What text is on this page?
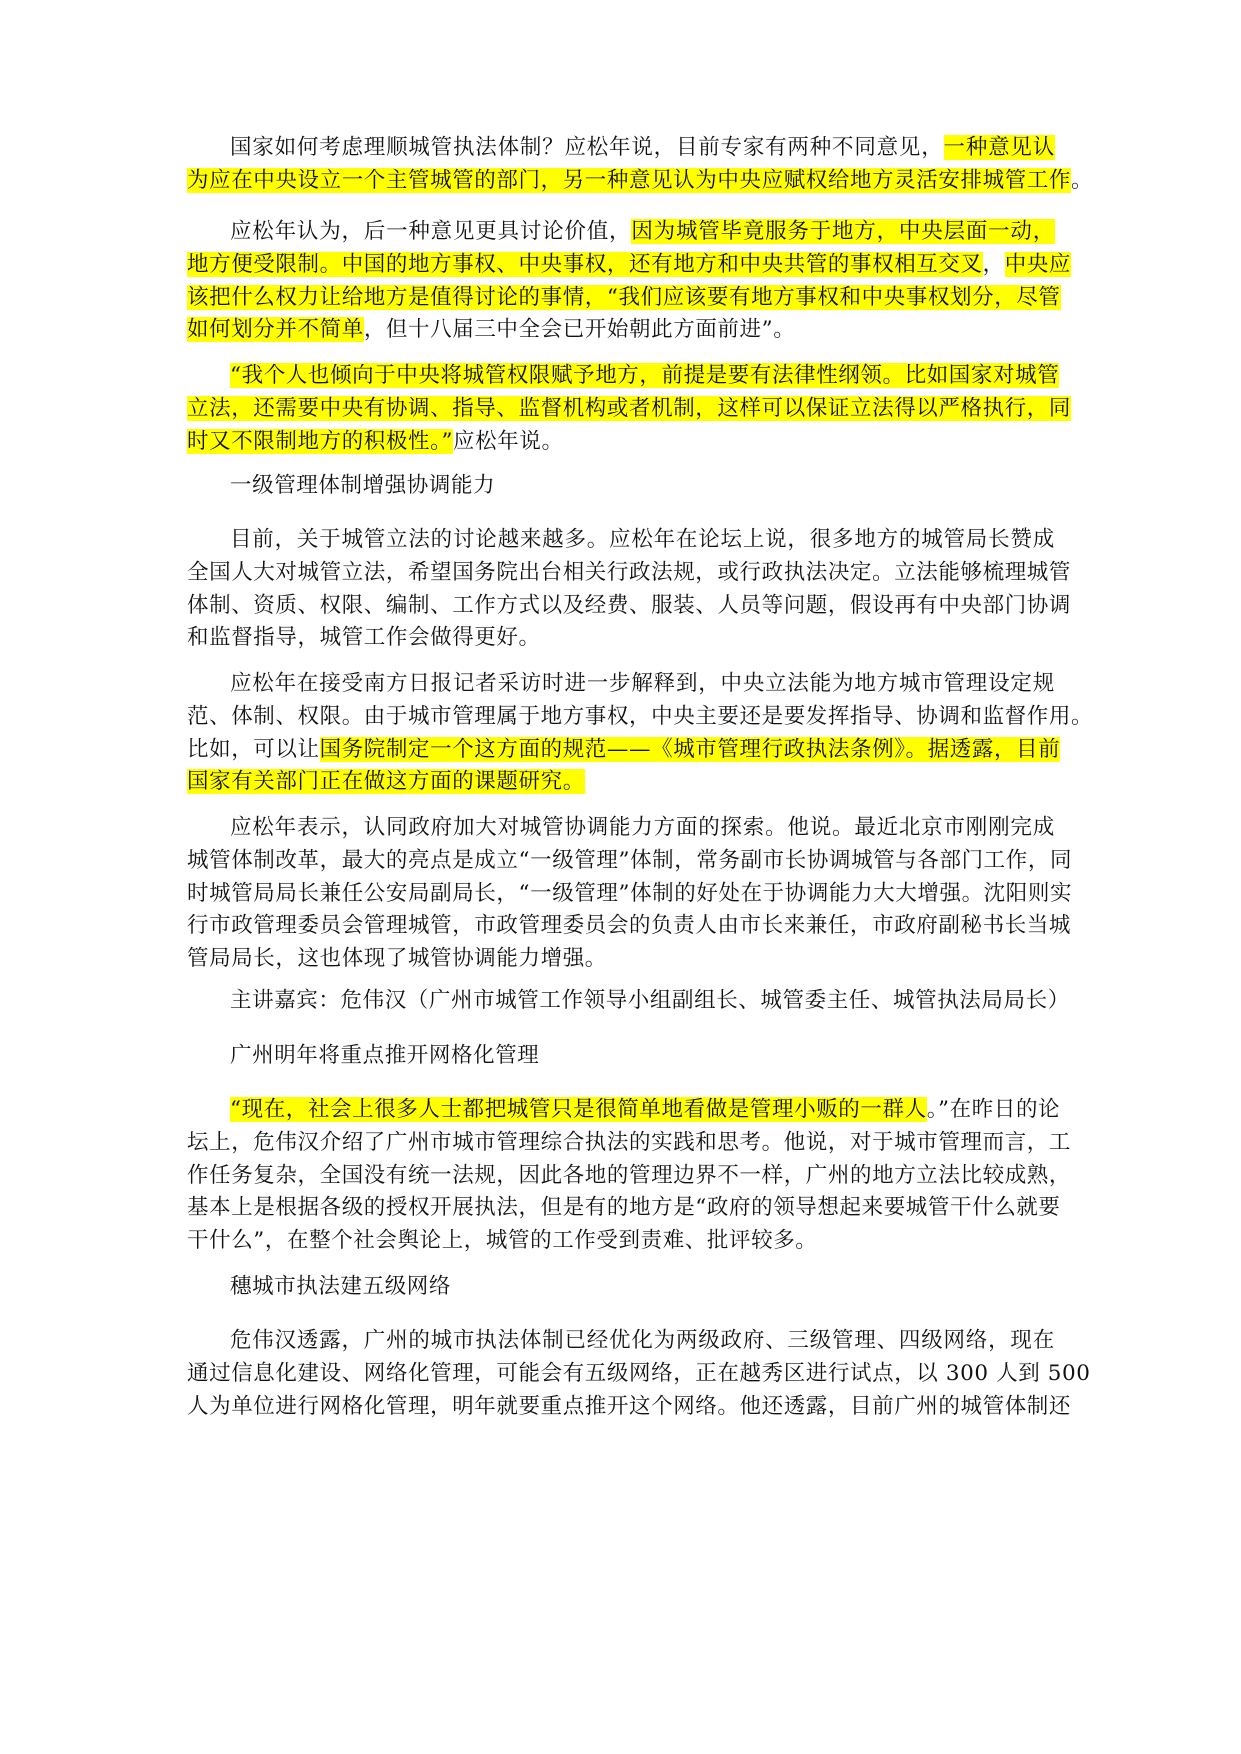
国家如何考虑理顺城管执法体制？应松年说，目前专家有两种不同意见，一种意见认
为应在中央设立一个主管城管的部门，另一种意见认为中央应赋权给地方灵活安排城管工作。

应松年认为，后一种意见更具讨论价值，因为城管毕竟服务于地方，中央层面一动，
地方便受限制。中国的地方事权、中央事权，还有地方和中央共管的事权相互交叉，中央应
该把什么权力让给地方是值得讨论的事情，“我们应该要有地方事权和中央事权划分，尽管
如何划分并不简单，但十八届三中全会已开始朝此方面前进”。

“我个人也倾向于中央将城管权限赋予地方，前提是要有法律性纲领。比如国家对城管
立法，还需要中央有协调、指导、监督机构或者机制，这样可以保证立法得以严格执行，同
时又不限制地方的积极性。”应松年说。

一级管理体制增强协调能力

目前，关于城管立法的讨论越来越多。应松年在论坛上说，很多地方的城管局长赞成
全国人大对城管立法，希望国务院出台相关行政法规，或行政执法决定。立法能够梳理城管
体制、资质、权限、编制、工作方式以及经费、服装、人员等问题，假设再有中央部门协调
和监督指导，城管工作会做得更好。

应松年在接受南方日报记者采访时进一步解释到，中央立法能为地方城市管理设定规
范、体制、权限。由于城市管理属于地方事权，中央主要还是要发挥指导、协调和监督作用。
比如，可以让国务院制定一个这方面的规范——《城市管理行政执法条例》。据透露，目前
国家有关部门正在做这方面的课题研究。

应松年表示，认同政府加大对城管协调能力方面的探索。他说。最近北京市刚刚完成
城管体制改革，最大的亮点是成立“一级管理”体制，常务副市长协调城管与各部门工作，同
时城管局局长兼任公安局副局长，“一级管理”体制的好处在于协调能力大大增强。沈阳则实
行市政管理委员会管理城管，市政管理委员会的负责人由市长来兼任，市政府副秘书长当城
管局局长，这也体现了城管协调能力增强。

主讲嘉宾：危伟汉（广州市城管工作领导小组副组长、城管委主任、城管执法局局长）

广州明年将重点推开网格化管理

“现在，社会上很多人士都把城管只是很简单地看做是管理小贩的一群人。”在昨日的论
坛上，危伟汉介绍了广州市城市管理综合执法的实践和思考。他说，对于城市管理而言，工
作任务复杂，全国没有统一法规，因此各地的管理边界不一样，广州的地方立法比较成熟，
基本上是根据各级的授权开展执法，但是有的地方是“政府的领导想起来要城管干什么就要
干什么”，在整个社会舆论上，城管的工作受到责难、批评较多。

穗城市执法建五级网络

危伟汉透露，广州的城市执法体制已经优化为两级政府、三级管理、四级网络，现在
通过信息化建设、网络化管理，可能会有五级网络，正在越秀区进行试点，以 300 人到 500
人为单位进行网格化管理，明年就要重点推开这个网络。他还透露，目前广州的城管体制还
